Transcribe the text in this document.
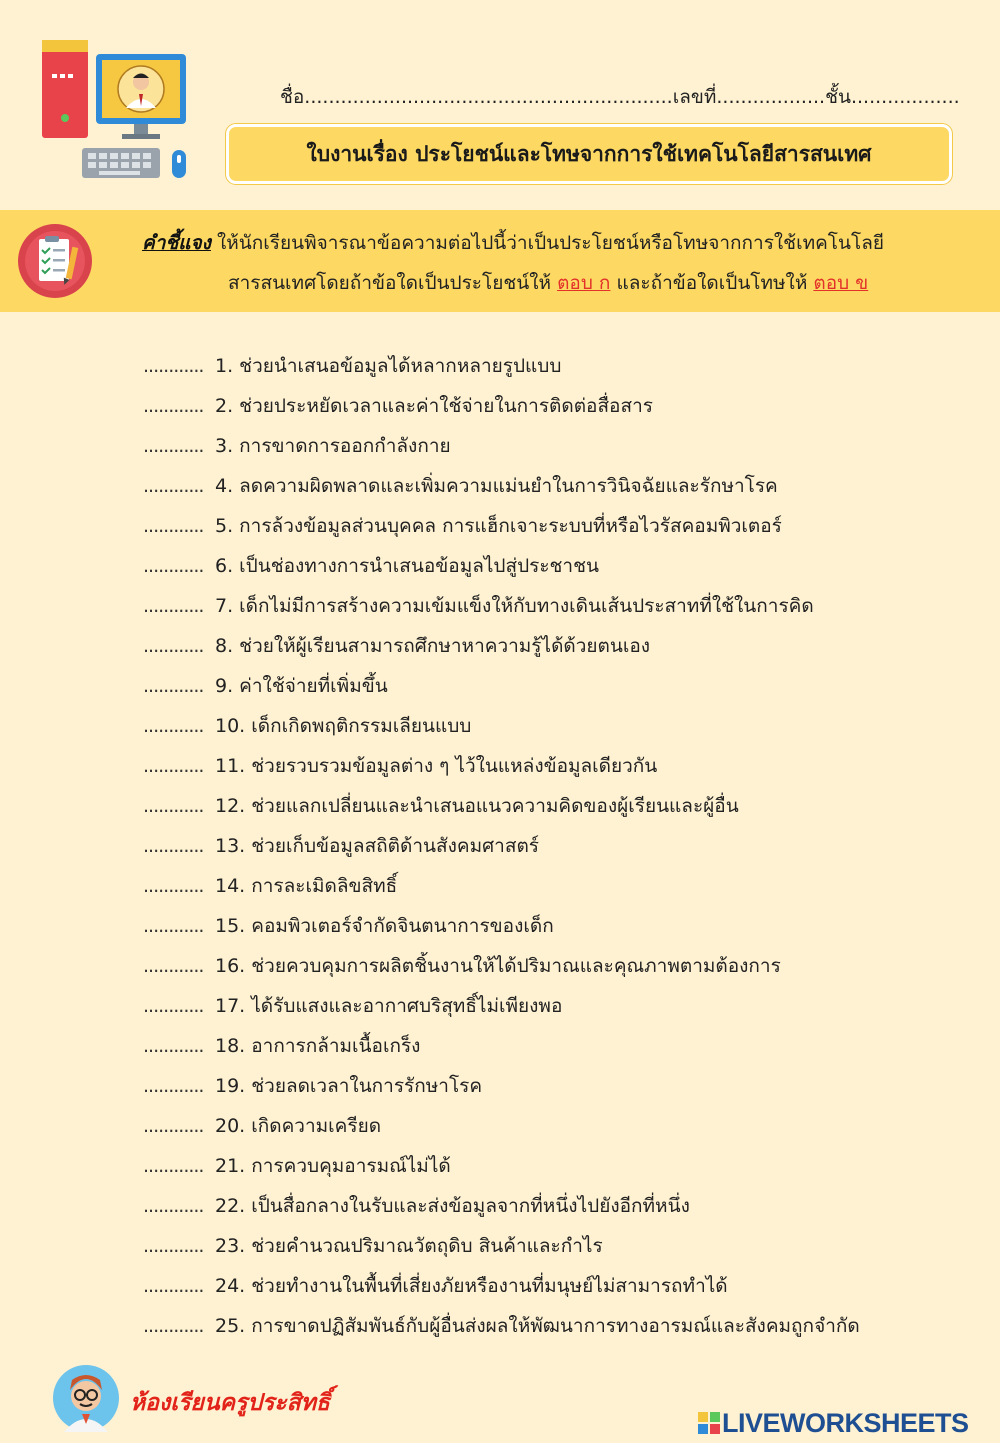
ชื่อ.............................................................เลขที่..................ชั้น..................
ใบงานเรื่อง ประโยชน์และโทษจากการใช้เทคโนโลยีสารสนเทศ
คำชี้แจง ให้นักเรียนพิจารณาข้อความต่อไปนี้ว่าเป็นประโยชน์หรือโทษจากการใช้เทคโนโลยี
สารสนเทศโดยถ้าข้อใดเป็นประโยชน์ให้ ตอบ ก และถ้าข้อใดเป็นโทษให้ ตอบ ข
............ 1. ช่วยนำเสนอข้อมูลได้หลากหลายรูปแบบ
............ 2. ช่วยประหยัดเวลาและค่าใช้จ่ายในการติดต่อสื่อสาร
............ 3. การขาดการออกกำลังกาย
............ 4. ลดความผิดพลาดและเพิ่มความแม่นยำในการวินิจฉัยและรักษาโรค
............ 5. การล้วงข้อมูลส่วนบุคคล การแฮ็กเจาะระบบที่หรือไวรัสคอมพิวเตอร์
............ 6. เป็นช่องทางการนำเสนอข้อมูลไปสู่ประชาชน
............ 7. เด็กไม่มีการสร้างความเข้มแข็งให้กับทางเดินเส้นประสาทที่ใช้ในการคิด
............ 8. ช่วยให้ผู้เรียนสามารถศึกษาหาความรู้ได้ด้วยตนเอง
............ 9. ค่าใช้จ่ายที่เพิ่มขึ้น
............ 10. เด็กเกิดพฤติกรรมเลียนแบบ
............ 11. ช่วยรวบรวมข้อมูลต่าง ๆ ไว้ในแหล่งข้อมูลเดียวกัน
............ 12. ช่วยแลกเปลี่ยนและนำเสนอแนวความคิดของผู้เรียนและผู้อื่น
............ 13. ช่วยเก็บข้อมูลสถิติด้านสังคมศาสตร์
............ 14. การละเมิดลิขสิทธิ์
............ 15. คอมพิวเตอร์จำกัดจินตนาการของเด็ก
............ 16. ช่วยควบคุมการผลิตชิ้นงานให้ได้ปริมาณและคุณภาพตามต้องการ
............ 17. ได้รับแสงและอากาศบริสุทธิ์ไม่เพียงพอ
............ 18. อาการกล้ามเนื้อเกร็ง
............ 19. ช่วยลดเวลาในการรักษาโรค
............ 20. เกิดความเครียด
............ 21. การควบคุมอารมณ์ไม่ได้
............ 22. เป็นสื่อกลางในรับและส่งข้อมูลจากที่หนึ่งไปยังอีกที่หนึ่ง
............ 23. ช่วยคำนวณปริมาณวัตถุดิบ สินค้าและกำไร
............ 24. ช่วยทำงานในพื้นที่เสี่ยงภัยหรืองานที่มนุษย์ไม่สามารถทำได้
............ 25. การขาดปฏิสัมพันธ์กับผู้อื่นส่งผลให้พัฒนาการทางอารมณ์และสังคมถูกจำกัด
ห้องเรียนครูประสิทธิ์
LIVEWORKSHEETS
